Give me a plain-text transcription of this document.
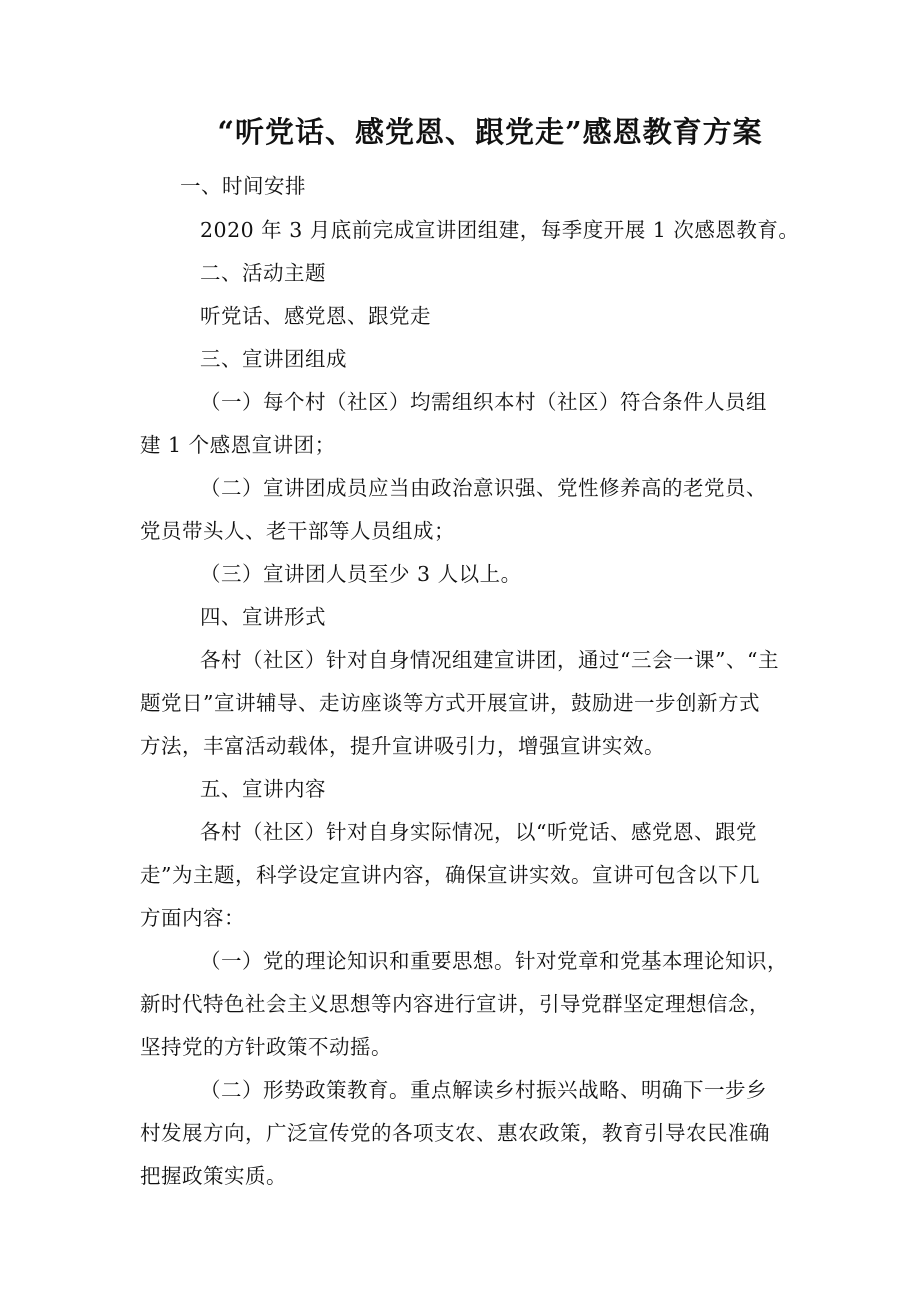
“听党话、感党恩、跟党走”感恩教育方案
一、时间安排
2020 年 3 月底前完成宣讲团组建，每季度开展 1 次感恩教育。
二、活动主题
听党话、感党恩、跟党走
三、宣讲团组成
（一）每个村（社区）均需组织本村（社区）符合条件人员组
建 1 个感恩宣讲团；
（二）宣讲团成员应当由政治意识强、党性修养高的老党员、
党员带头人、老干部等人员组成；
（三）宣讲团人员至少 3 人以上。
四、宣讲形式
各村（社区）针对自身情况组建宣讲团，通过“三会一课”、“主
题党日”宣讲辅导、走访座谈等方式开展宣讲，鼓励进一步创新方式
方法，丰富活动载体，提升宣讲吸引力，增强宣讲实效。
五、宣讲内容
各村（社区）针对自身实际情况，以“听党话、感党恩、跟党
走”为主题，科学设定宣讲内容，确保宣讲实效。宣讲可包含以下几
方面内容：
（一）党的理论知识和重要思想。针对党章和党基本理论知识，
新时代特色社会主义思想等内容进行宣讲，引导党群坚定理想信念，
坚持党的方针政策不动摇。
（二）形势政策教育。重点解读乡村振兴战略、明确下一步乡
村发展方向，广泛宣传党的各项支农、惠农政策，教育引导农民准确
把握政策实质。
